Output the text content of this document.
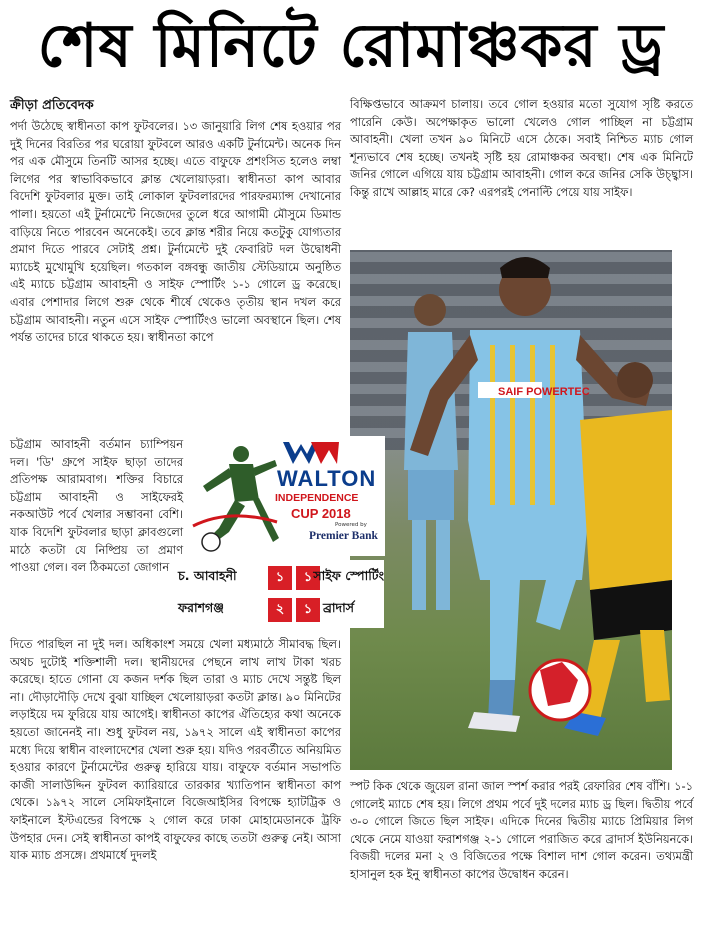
শেষ মিনিটে রোমাঞ্চকর ড্র
ক্রীড়া প্রতিবেদক

পর্দা উঠেছে স্বাধীনতা কাপ ফুটবলের। ১৩ জানুয়ারি লিগ শেষ হওয়ার পর দুই দিনের বিরতির পর ঘরোয়া ফুটবলে আরও একটি টুর্নামেন্ট। অনেক দিন পর এক মৌসুমে তিনটি আসর হচ্ছে। এতে বাফুফে প্রশংসিত হলেও লম্বা লিগের পর স্বাভাবিকভাবে ক্লান্ত খেলোয়াড়রা। স্বাধীনতা কাপ আবার বিদেশি ফুটবলার মুক্ত। তাই লোকাল ফুটবলারদের পারফরম্যান্স দেখানোর পালা। হয়তো এই টুর্নামেন্টে নিজেদের তুলে ধরে আগামী মৌসুমে ডিমান্ড বাড়িয়ে নিতে পারবেন অনেকেই। তবে ক্লান্ত শরীর নিয়ে কতটুকু যোগ্যতার প্রমাণ দিতে পারবে সেটাই প্রশ্ন। টুর্নামেন্টে দুই ফেবারিট দল উদ্বোধনী ম্যাচেই মুখোমুখি হয়েছিল। গতকাল বঙ্গবন্ধু জাতীয় স্টেডিয়ামে অনুষ্ঠিত এই ম্যাচে চট্টগ্রাম আবাহনী ও সাইফ স্পোর্টিং ১-১ গোলে ড্র করেছে। এবার পেশাদার লিগে শুরু থেকে শীর্ষে থেকেও তৃতীয় স্থান দখল করে চট্টগ্রাম আবাহনী। নতুন এসে সাইফ স্পোর্টিংও ভালো অবস্থানে ছিল। শেষ পর্যন্ত তাদের চারে থাকতে হয়। স্বাধীনতা কাপে

বিক্ষিপ্তভাবে আক্রমণ চালায়। তবে গোল হওয়ার মতো সুযোগ সৃষ্টি করতে পারেনি কেউ। অপেক্ষাকৃত ভালো খেলেও গোল পাচ্ছিল না চট্টগ্রাম আবাহনী। খেলা তখন ৯০ মিনিটে এসে ঠেকে। সবাই নিশ্চিত ম্যাচ গোল শূন্যভাবে শেষ হচ্ছে। তখনই সৃষ্টি হয় রোমাঞ্চকর অবস্থা। শেষ এক মিনিটে জনির গোলে এগিয়ে যায় চট্টগ্রাম আবাহনী। গোল করে জনির সেকি উচ্ছ্বাস। কিন্তু রাখে আল্লাহ মারে কে? এরপরই পেনাল্টি পেয়ে যায় সাইফ।

চট্টগ্রাম আবাহনী বর্তমান চ্যাম্পিয়ন দল। 'ডি' গ্রুপে সাইফ ছাড়া তাদের প্রতিপক্ষ আরামবাগ। শক্তির বিচারে চট্টগ্রাম আবাহনী ও সাইফেরই নকআউট পর্বে খেলার সম্ভাবনা বেশি। যাক বিদেশি ফুটবলার ছাড়া ক্লাবগুলো মাঠে কতটা যে নিষ্প্রিয় তা প্রমাণ পাওয়া গেল। বল ঠিকমতো জোগান

দিতে পারছিল না দুই দল। অধিকাংশ সময়ে খেলা মধ্যমাঠে সীমাবদ্ধ ছিল। অথচ দুটোই শক্তিশালী দল। স্থানীয়দের পেছনে লাখ লাখ টাকা খরচ করেছে। হাতে গোনা যে কজন দর্শক ছিল তারা ও ম্যাচ দেখে সন্তুষ্ট ছিল না। দৌড়াদৌড়ি দেখে বুঝা যাচ্ছিল খেলোয়াড়রা কতটা ক্লান্ত। ৯০ মিনিটের লড়াইয়ে দম ফুরিয়ে যায় আগেই। স্বাধীনতা কাপের ঐতিহ্যের কথা অনেকে হয়তো জানেনই না। শুধু ফুটবল নয়, ১৯৭২ সালে এই স্বাধীনতা কাপের মধ্যে দিয়ে স্বাধীন বাংলাদেশের খেলা শুরু হয়। যদিও পরবর্তীতে অনিয়মিত হওয়ার কারণে টুর্নামেন্টের গুরুত্ব হারিয়ে যায়। বাফুফে বর্তমান সভাপতি কাজী সালাউদ্দিন ফুটবল ক্যারিয়ারে তারকার খ্যাতিপান স্বাধীনতা কাপ থেকে। ১৯৭২ সালে সেমিফাইনালে বিজেআইসির বিপক্ষে হ্যাটট্রিক ও ফাইনালে ইস্টএন্ডের বিপক্ষে ২ গোল করে ঢাকা মোহামেডানকে ট্রফি উপহার দেন। সেই স্বাধীনতা কাপই বাফুফের কাছে ততটা গুরুত্ব নেই। আসা যাক ম্যাচ প্রসঙ্গে। প্রথমার্ধে দুদলই

স্পট কিক থেকে জুয়েল রানা জাল স্পর্শ করার পরই রেফারির শেষ বাঁশি। ১-১ গোলেই ম্যাচে শেষ হয়। লিগে প্রথম পর্বে দুই দলের ম্যাচ ড্র ছিল। দ্বিতীয় পর্বে ৩-০ গোলে জিতে ছিল সাইফ। এদিকে দিনের দ্বিতীয় ম্যাচে প্রিমিয়ার লিগ থেকে নেমে যাওয়া ফরাশগঞ্জ ২-১ গোলে পরাজিত করে ব্রাদার্স ইউনিয়নকে। বিজয়ী দলের মনা ২ ও বিজিতের পক্ষে বিশাল দাশ গোল করেন। তথ্যমন্ত্রী হাসানুল হক ইনু স্বাধীনতা কাপের উদ্বোধন করেন।

SAIF POWERTEC
WALTON
INDEPENDENCE
CUP 2018
Powered by
Premier Bank
চ. আবাহনী	১	১ সাইফ স্পোর্টিং
ফরাশগঞ্জ	২	১ ব্রাদার্স
